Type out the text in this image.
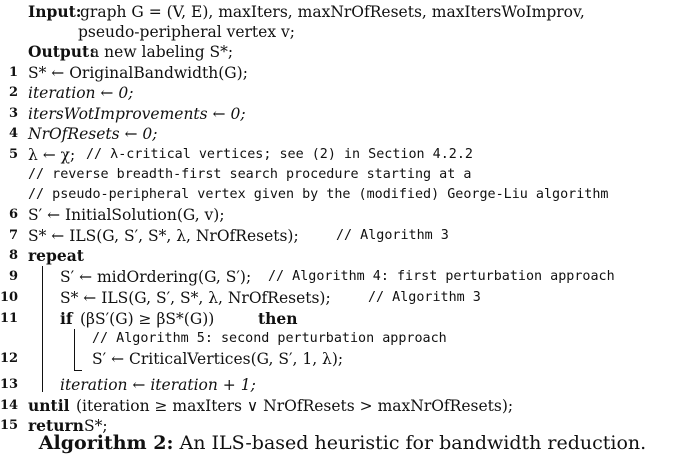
Input:
graph G = (V, E), maxIters, maxNrOfResets, maxItersWoImprov,
pseudo-peripheral vertex v;
Output:
a new labeling S*;
1 S* ← OriginalBandwidth(G);
2 iteration ← 0;
3 itersWotImprovements ← 0;
4 NrOfResets ← 0;
5 λ ← χ; // λ-critical vertices; see (2) in Section 4.2.2
// reverse breadth-first search procedure starting at a
// pseudo-peripheral vertex given by the (modified) George-Liu algorithm
6 S′ ← InitialSolution(G, v);
7 S* ← ILS(G, S′, S*, λ, NrOfResets);	// Algorithm 3
8 repeat
9	S′ ← midOrdering(G, S′); // Algorithm 4: first perturbation approach
10	S* ← ILS(G, S′, S*, λ, NrOfResets);	// Algorithm 3
11	if (βS′(G) ≥ βS*(G))	then
// Algorithm 5: second perturbation approach
12	S′ ← CriticalVertices(G, S′, 1, λ);
13	iteration ← iteration + 1;
14 until (iteration ≥ maxIters ∨ NrOfResets > maxNrOfResets);
15 return S*;
Algorithm 2: An ILS-based heuristic for bandwidth reduction.
